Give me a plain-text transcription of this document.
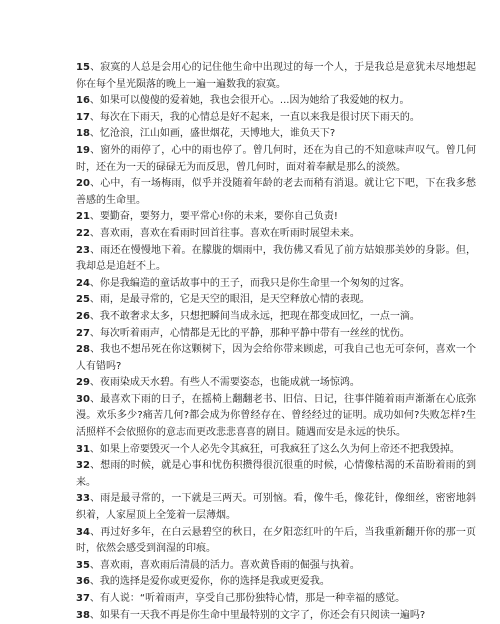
15、寂寞的人总是会用心的记住他生命中出现过的每一个人，于是我总是意犹未尽地想起你在每个星光陨落的晚上一遍一遍数我的寂寞。

16、如果可以傻傻的爱着她，我也会很开心。...因为她给了我爱她的权力。

17、每次在下雨天，我的心情总是好不起来，一直以来我是很讨厌下雨天的。

18、忆沧浪，江山如画，盛世烟花，天博地大，谁负天下?

19、窗外的雨停了，心中的雨也停了。曾几何时，还在为自己的不知意味声叹气。曾几何时，还在为一天的碌碌无为而反思，曾几何时，面对着奉献是那么的淡然。

20、心中，有一场梅雨，似乎并没随着年龄的老去而稍有消退。就让它下吧，下在我多愁善感的生命里。

21、要勤奋，要努力，要平常心!你的未来，要你自己负责!

22、喜欢雨，喜欢在看雨时回首往事。喜欢在听雨时展望未来。

23、雨还在慢慢地下着。在朦胧的烟雨中，我仿佛又看见了前方姑娘那美妙的身影。但，我却总是追赶不上。

24、你是我编造的童话故事中的王子，而我只是你生命里一个匆匆的过客。

25、雨，是最寻常的，它是天空的眼泪，是天空释放心情的表现。

26、我不敢奢求太多，只想把瞬间当成永远，把现在都变成回忆，一点一滴。

27、每次听着雨声，心情都是无比的平静，那种平静中带有一丝丝的忧伤。

28、我也不想吊死在你这颗树下，因为会给你带来顾虑，可我自己也无可奈何，喜欢一个人有错吗?

29、夜雨染成天水碧。有些人不需要姿态，也能成就一场惊鸿。

30、最喜欢下雨的日子，在摇椅上翻翻老书、旧信、日记，往事伴随着雨声渐渐在心底弥漫。欢乐多少?痛苦几何?都会成为你曾经存在、曾经经过的证明。成功如何?失败怎样?生活照样不会依照你的意志而更改悲悲喜喜的剧目。随遇而安是永远的快乐。

31、如果上帝要毁灭一个人必先令其疯狂，可我疯狂了这么久为何上帝还不把我毁掉。

32、想雨的时候，就是心事和忧伤积攒得很沉很重的时候，心情像枯渴的禾苗盼着雨的到来。

33、雨是最寻常的，一下就是三两天。可别恼。看，像牛毛，像花针，像细丝，密密地斜织着，人家屋顶上全笼着一层薄烟。

34、再过好多年，在白云悬碧空的秋日，在夕阳恋红叶的午后，当我重新翻开你的那一页时，依然会感受到润湿的印痕。

35、喜欢雨，喜欢雨后清晨的活力。喜欢黄昏雨的倔强与执着。

36、我的选择是爱你或更爱你，你的选择是我或更爱我。

37、有人说：“听着雨声，享受自己那份独特心情，那是一种幸福的感觉。

38、如果有一天我不再是你生命中里最特别的文字了，你还会有只阅读一遍吗?
